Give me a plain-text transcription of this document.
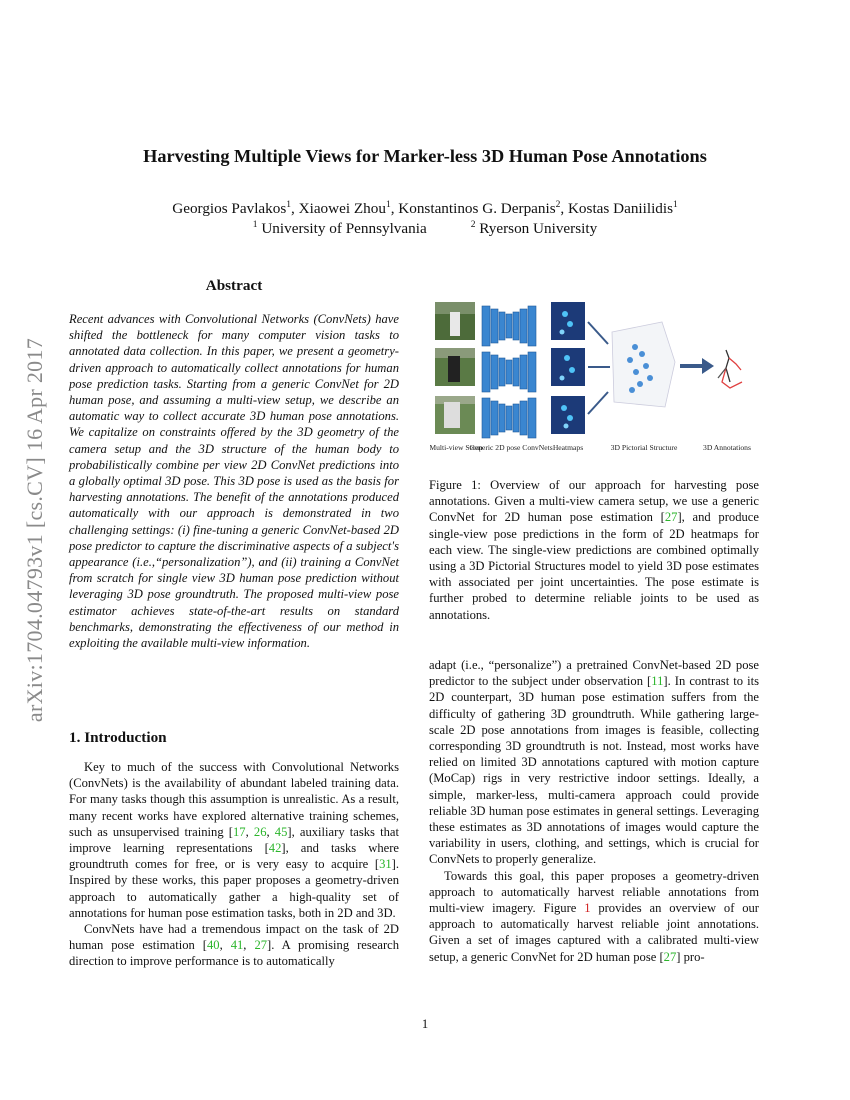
arXiv:1704.04793v1 [cs.CV] 16 Apr 2017
Harvesting Multiple Views for Marker-less 3D Human Pose Annotations
Georgios Pavlakos$^1$, Xiaowei Zhou$^1$, Konstantinos G. Derpanis$^2$, Kostas Daniilidis$^1$
$^1$ University of Pennsylvania	$^2$ Ryerson University
Abstract
Recent advances with Convolutional Networks (ConvNets) have shifted the bottleneck for many computer vision tasks to annotated data collection. In this paper, we present a geometry-driven approach to automatically collect annotations for human pose prediction tasks. Starting from a generic ConvNet for 2D human pose, and assuming a multi-view setup, we describe an automatic way to collect accurate 3D human pose annotations. We capitalize on constraints offered by the 3D geometry of the camera setup and the 3D structure of the human body to probabilistically combine per view 2D ConvNet predictions into a globally optimal 3D pose. This 3D pose is used as the basis for harvesting annotations. The benefit of the annotations produced automatically with our approach is demonstrated in two challenging settings: (i) fine-tuning a generic ConvNet-based 2D pose predictor to capture the discriminative aspects of a subject's appearance (i.e.,“personalization”), and (ii) training a ConvNet from scratch for single view 3D human pose prediction without leveraging 3D pose groundtruth. The proposed multi-view pose estimator achieves state-of-the-art results on standard benchmarks, demonstrating the effectiveness of our method in exploiting the available multi-view information.
1. Introduction

Key to much of the success with Convolutional Networks (ConvNets) is the availability of abundant labeled training data. For many tasks though this assumption is unrealistic. As a result, many recent works have explored alternative training schemes, such as unsupervised training [17, 26, 45], auxiliary tasks that improve learning representations [42], and tasks where groundtruth comes for free, or is very easy to acquire [31]. Inspired by these works, this paper proposes a geometry-driven approach to automatically gather a high-quality set of annotations for human pose estimation tasks, both in 2D and 3D.

ConvNets have had a tremendous impact on the task of 2D human pose estimation [40, 41, 27]. A promising research direction to improve performance is to automatically

Multi-view Setup
Generic 2D pose ConvNets Heatmaps	3D Pictorial Structure	3D Annotations
Figure 1: Overview of our approach for harvesting pose annotations. Given a multi-view camera setup, we use a generic ConvNet for 2D human pose estimation [27], and produce single-view pose predictions in the form of 2D heatmaps for each view. The single-view predictions are combined optimally using a 3D Pictorial Structures model to yield 3D pose estimates with associated per joint uncertainties. The pose estimate is further probed to determine reliable joints to be used as annotations.

adapt (i.e., “personalize”) a pretrained ConvNet-based 2D pose predictor to the subject under observation [11]. In contrast to its 2D counterpart, 3D human pose estimation suffers from the difficulty of gathering 3D groundtruth. While gathering large-scale 2D pose annotations from images is feasible, collecting corresponding 3D groundtruth is not. Instead, most works have relied on limited 3D annotations captured with motion capture (MoCap) rigs in very restrictive indoor settings. Ideally, a simple, marker-less, multi-camera approach could provide reliable 3D human pose estimates in general settings. Leveraging these estimates as 3D annotations of images would capture the variability in users, clothing, and settings, which is crucial for ConvNets to properly generalize.

Towards this goal, this paper proposes a geometry-driven approach to automatically harvest reliable annotations from multi-view imagery. Figure 1 provides an overview of our approach to automatically harvest reliable joint annotations. Given a set of images captured with a calibrated multi-view setup, a generic ConvNet for 2D human pose [27] pro-

1
